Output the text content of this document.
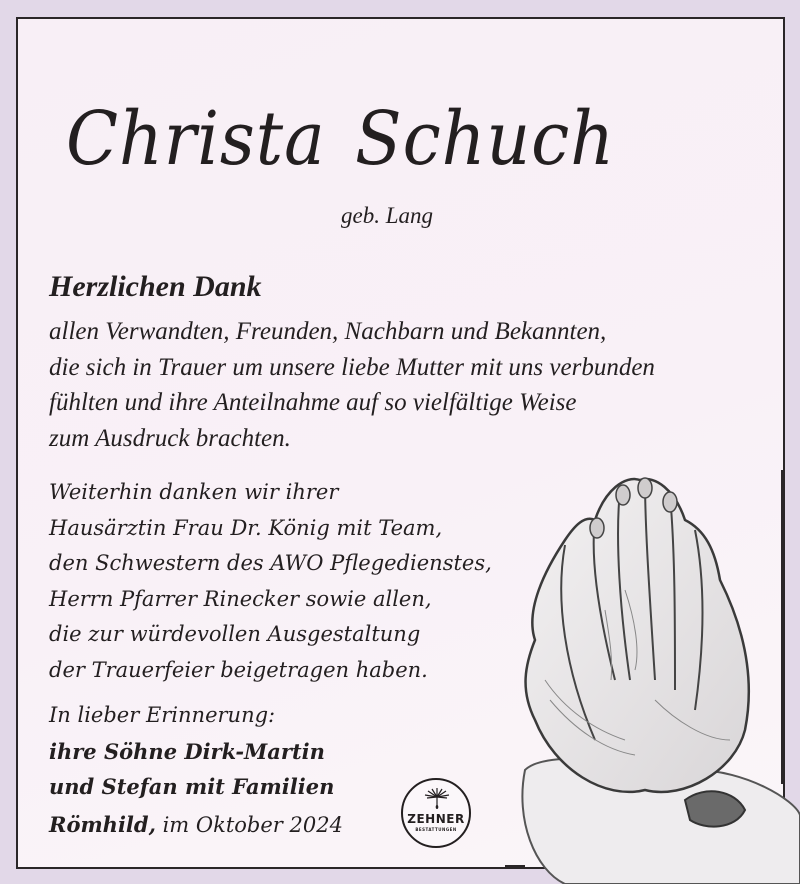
Christa Schuch
geb. Lang
Herzlichen Dank
allen Verwandten, Freunden, Nachbarn und Bekannten,
die sich in Trauer um unsere liebe Mutter mit uns verbunden
fühlten und ihre Anteilnahme auf so vielfältige Weise
zum Ausdruck brachten.
Weiterhin danken wir ihrer
Hausärztin Frau Dr. König mit Team,
den Schwestern des AWO Pflegedienstes,
Herrn Pfarrer Rinecker sowie allen,
die zur würdevollen Ausgestaltung
der Trauerfeier beigetragen haben.
In lieber Erinnerung:
ihre Söhne Dirk-Martin
und Stefan mit Familien
Römhild, im Oktober 2024	ZEHNER
BESTATTUNGEN
